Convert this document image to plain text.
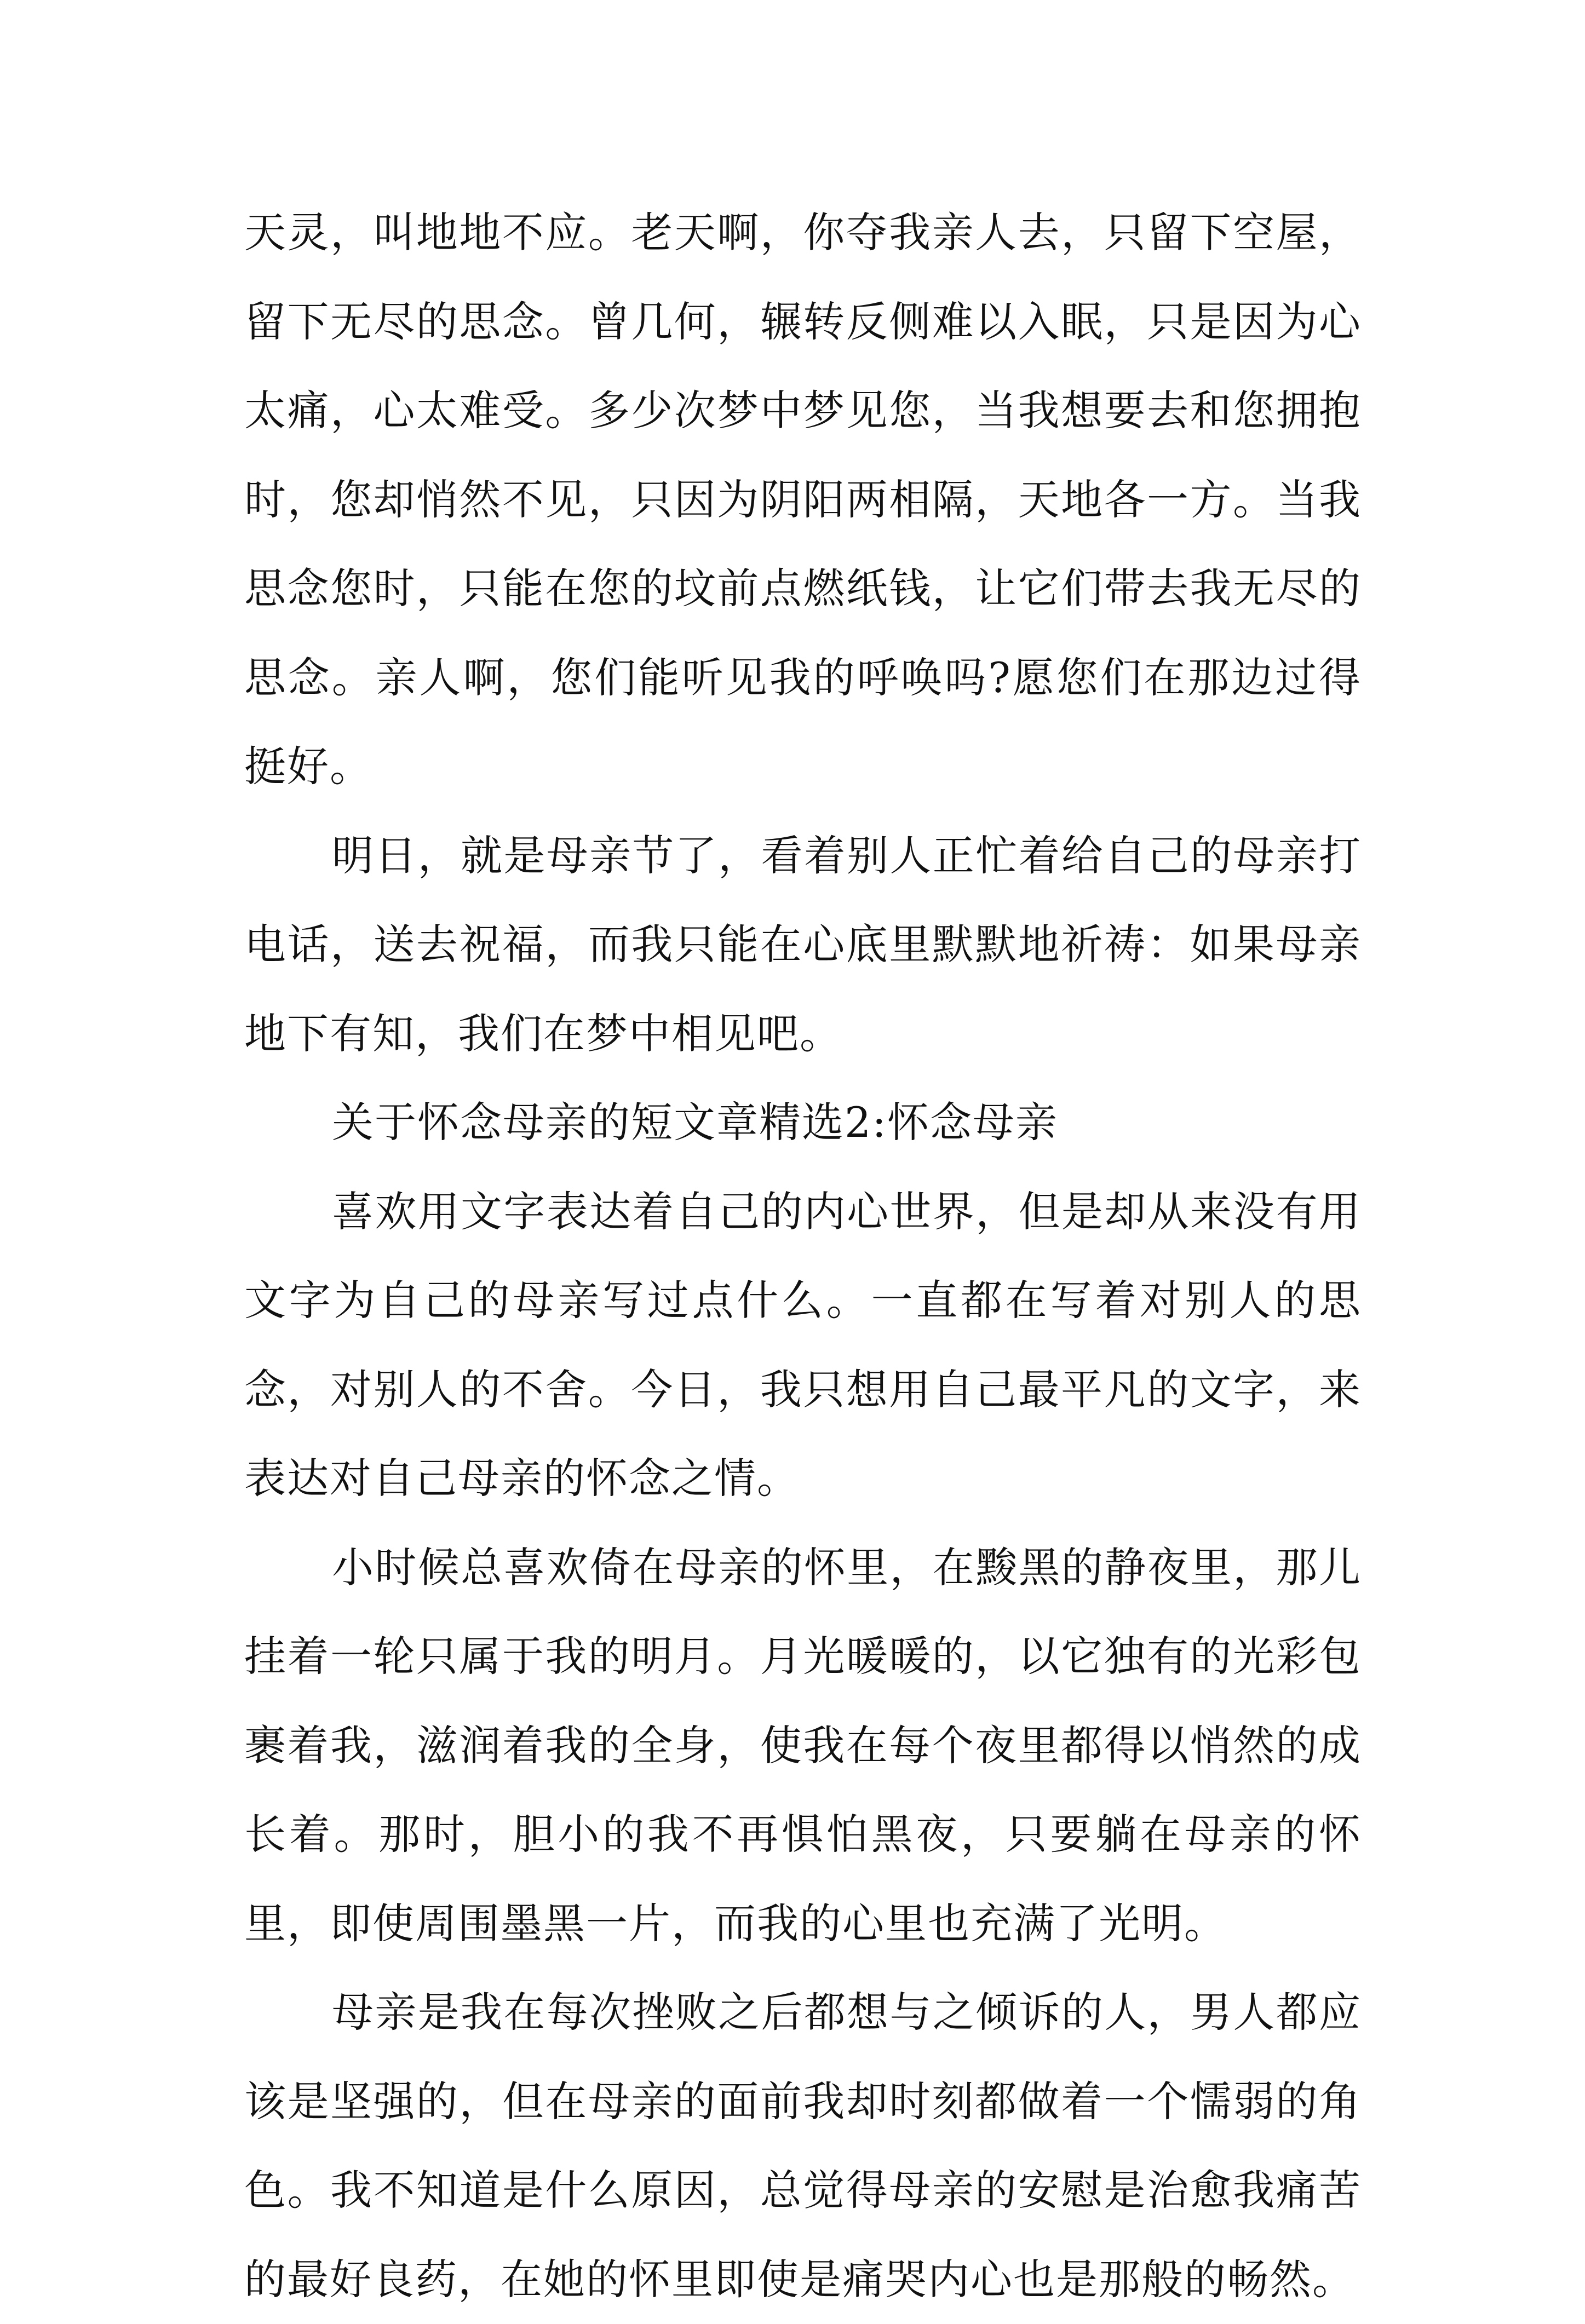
天灵，叫地地不应。老天啊，你夺我亲人去，只留下空屋，留下无尽的思念。曾几何，辗转反侧难以入眠，只是因为心太痛，心太难受。多少次梦中梦见您，当我想要去和您拥抱时，您却悄然不见，只因为阴阳两相隔，天地各一方。当我思念您时，只能在您的坟前点燃纸钱，让它们带去我无尽的思念。亲人啊，您们能听见我的呼唤吗?愿您们在那边过得挺好。

明日，就是母亲节了，看着别人正忙着给自己的母亲打电话，送去祝福，而我只能在心底里默默地祈祷：如果母亲地下有知，我们在梦中相见吧。

关于怀念母亲的短文章精选2:怀念母亲

喜欢用文字表达着自己的内心世界，但是却从来没有用文字为自己的母亲写过点什么。一直都在写着对别人的思念，对别人的不舍。今日，我只想用自己最平凡的文字，来表达对自己母亲的怀念之情。

小时候总喜欢倚在母亲的怀里，在黢黑的静夜里，那儿挂着一轮只属于我的明月。月光暖暖的，以它独有的光彩包裹着我，滋润着我的全身，使我在每个夜里都得以悄然的成长着。那时，胆小的我不再惧怕黑夜，只要躺在母亲的怀里，即使周围墨黑一片，而我的心里也充满了光明。

母亲是我在每次挫败之后都想与之倾诉的人，男人都应该是坚强的，但在母亲的面前我却时刻都做着一个懦弱的角色。我不知道是什么原因，总觉得母亲的安慰是治愈我痛苦的最好良药，在她的怀里即使是痛哭内心也是那般的畅然。
